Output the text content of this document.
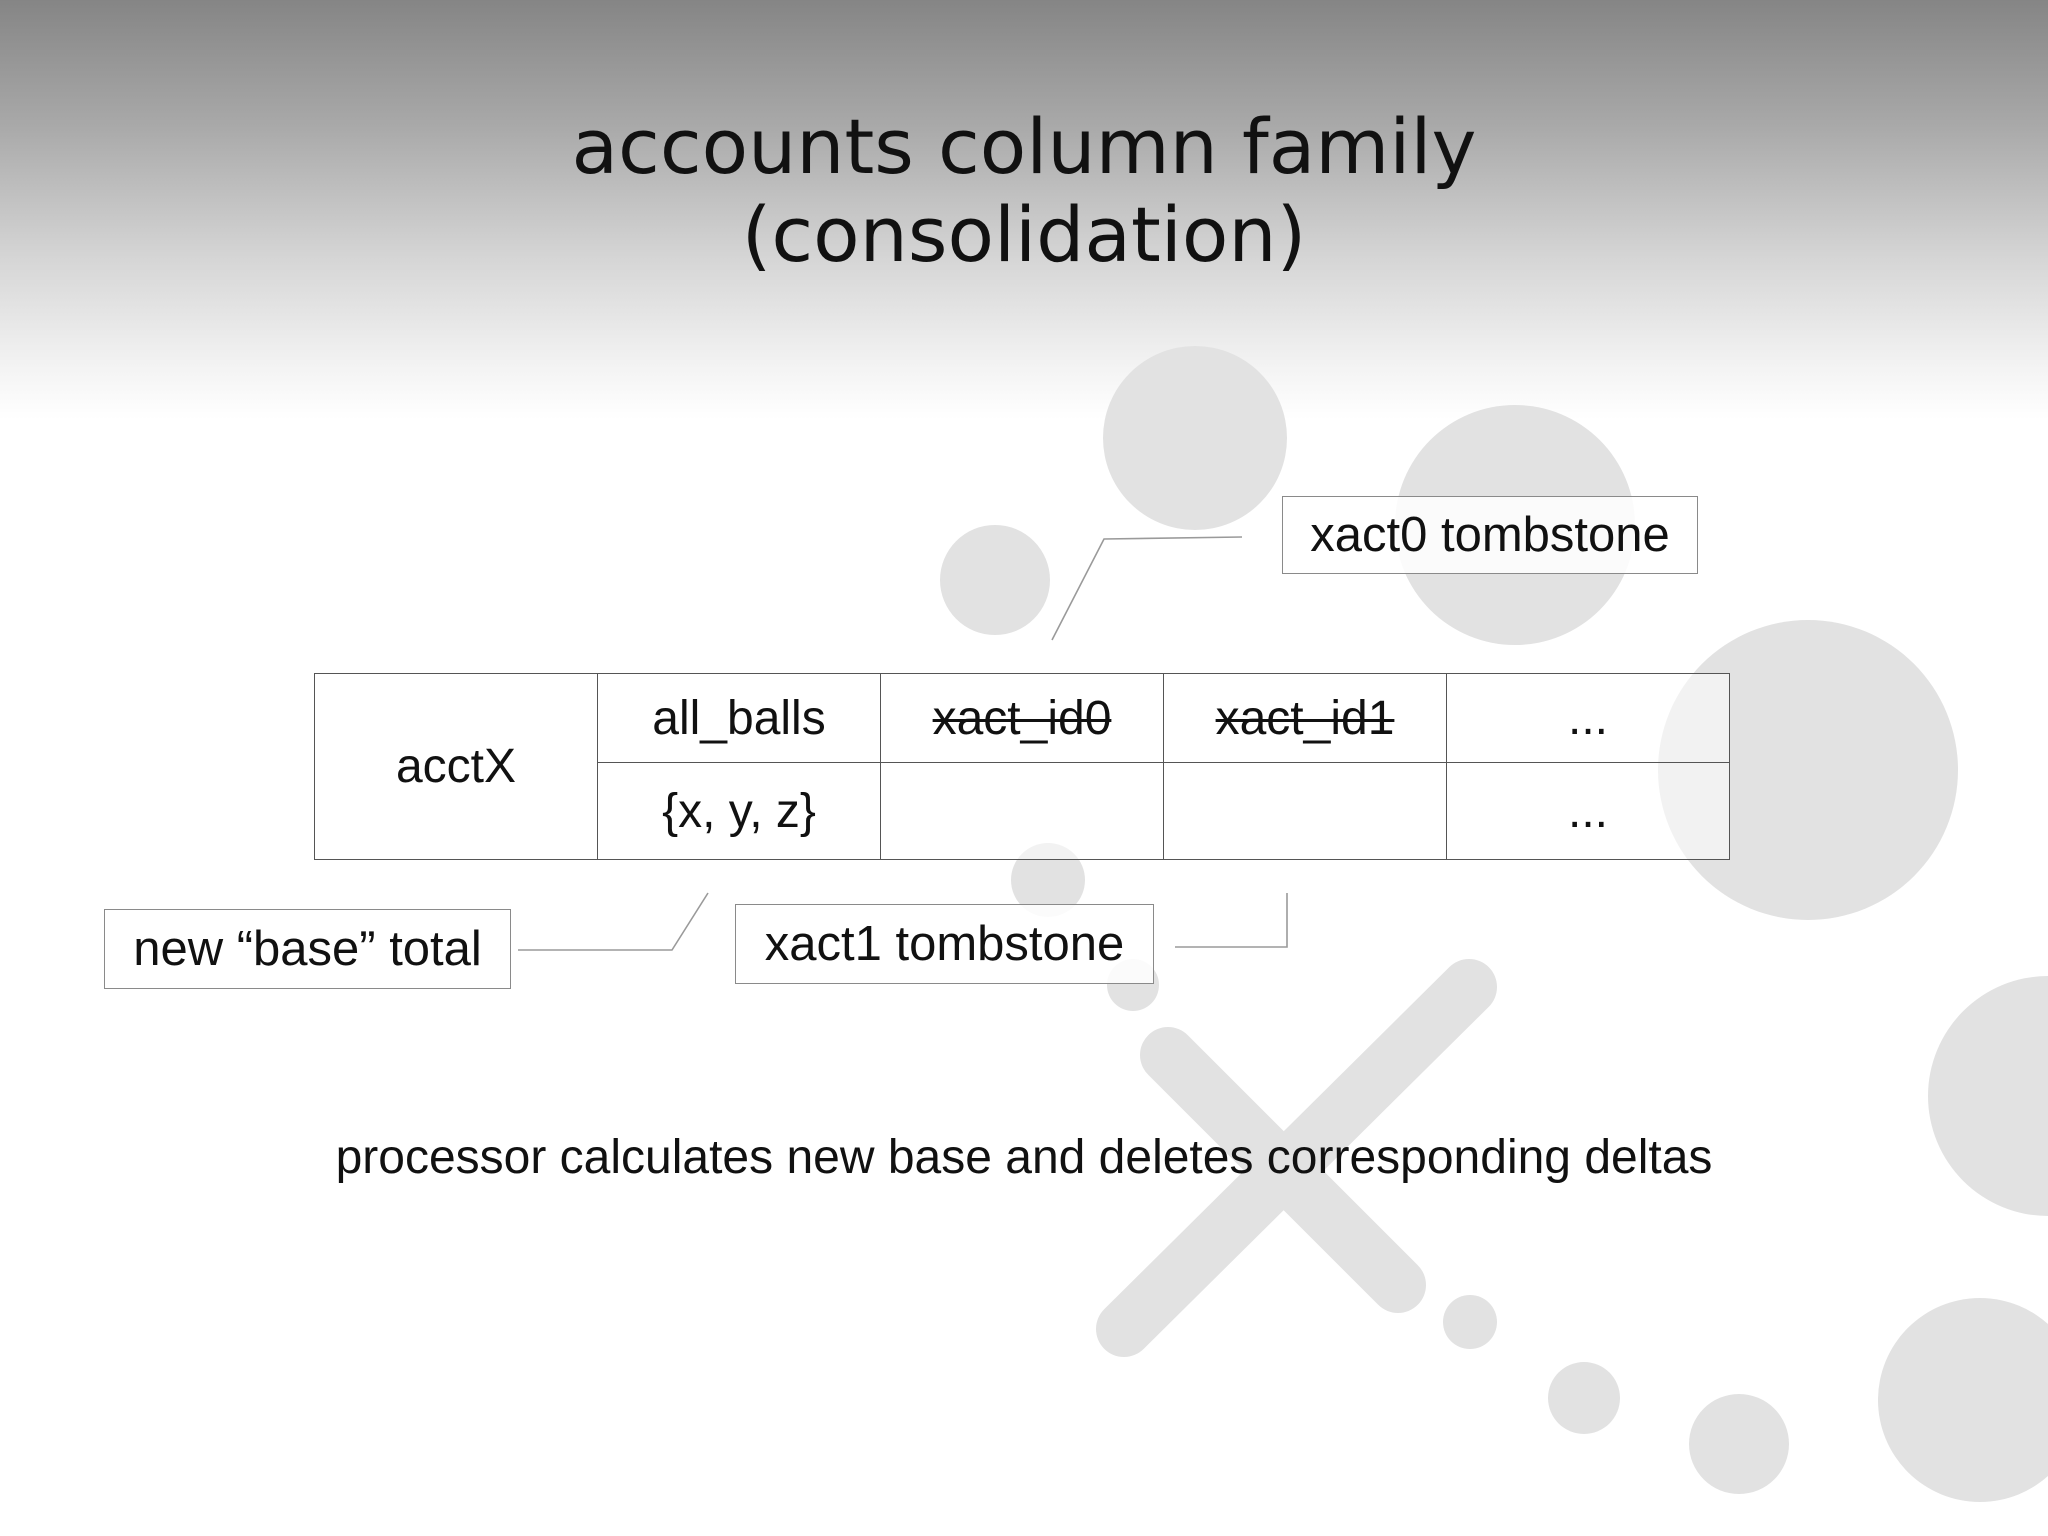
accounts column family
(consolidation)
acctX	all_balls	xact_id0	xact_id1	...
	{x, y, z}			...
xact0 tombstone
new “base” total	xact1 tombstone
processor calculates new base and deletes corresponding deltas
